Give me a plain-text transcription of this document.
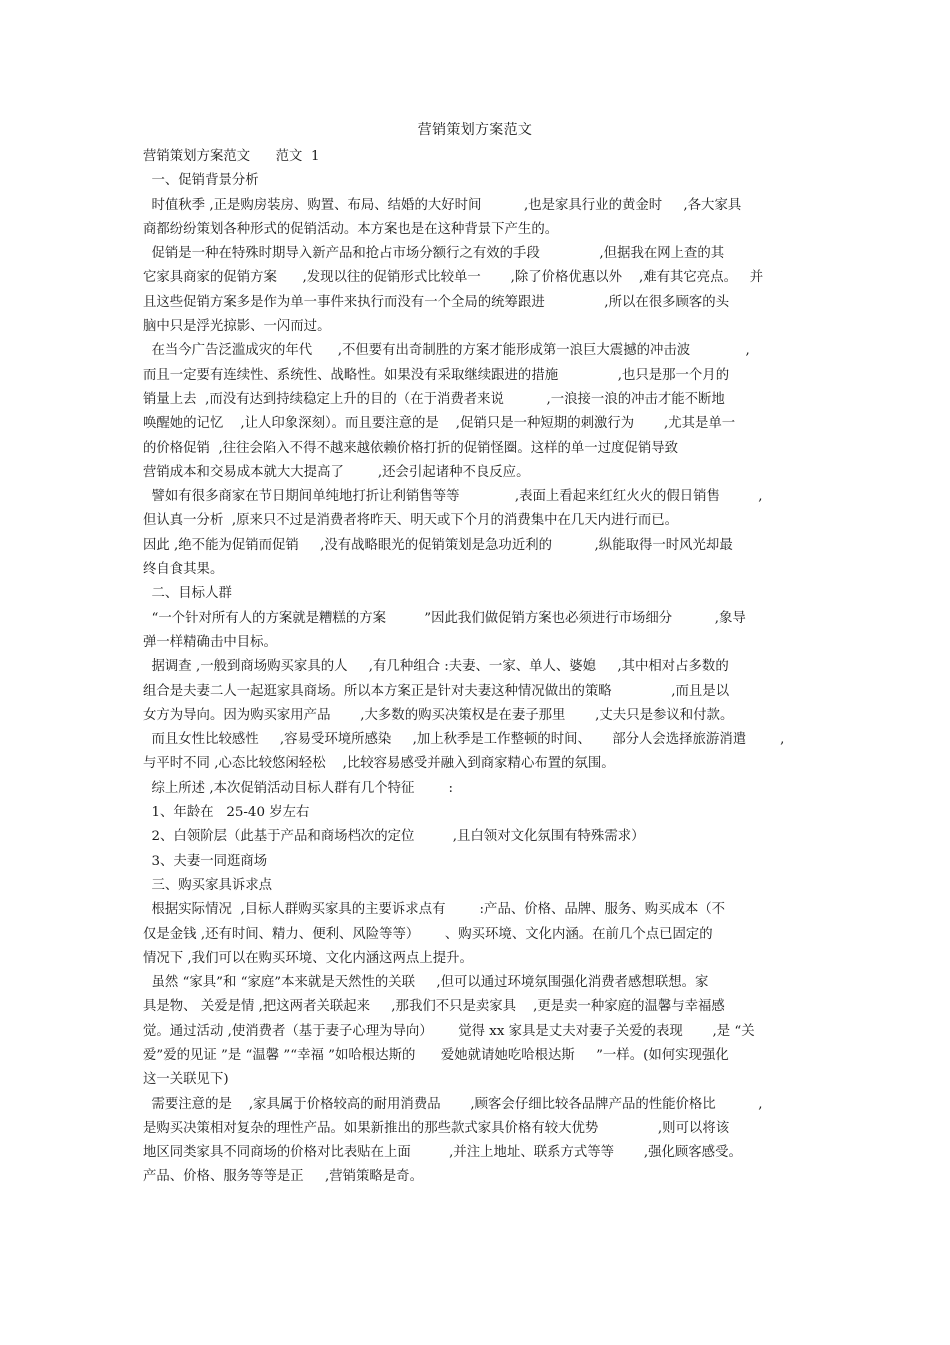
营销策划方案范文
营销策划方案范文      范文  1
一、促销背景分析
时值秋季 ,正是购房装房、购置、布局、结婚的大好时间          ,也是家具行业的黄金时     ,各大家具
商都纷纷策划各种形式的促销活动。本方案也是在这种背景下产生的。
促销是一种在特殊时期导入新产品和抢占市场分额行之有效的手段              ,但据我在网上查的其
它家具商家的促销方案      ,发现以往的促销形式比较单一       ,除了价格优惠以外    ,难有其它亮点。   并
且这些促销方案多是作为单一事件来执行而没有一个全局的统筹跟进              ,所以在很多顾客的头
脑中只是浮光掠影、一闪而过。
在当今广告泛滥成灾的年代      ,不但要有出奇制胜的方案才能形成第一浪巨大震撼的冲击波             ,
而且一定要有连续性、系统性、战略性。如果没有采取继续跟进的措施              ,也只是那一个月的
销量上去  ,而没有达到持续稳定上升的目的（在于消费者来说          ,一浪接一浪的冲击才能不断地
唤醒她的记忆    ,让人印象深刻）。而且要注意的是    ,促销只是一种短期的刺激行为       ,尤其是单一
的价格促销  ,往往会陷入不得不越来越依赖价格打折的促销怪圈。这样的单一过度促销导致
营销成本和交易成本就大大提高了        ,还会引起诸种不良反应。
譬如有很多商家在节日期间单纯地打折让利销售等等             ,表面上看起来红红火火的假日销售         ,
但认真一分析  ,原来只不过是消费者将昨天、明天或下个月的消费集中在几天内进行而已。
因此 ,绝不能为促销而促销     ,没有战略眼光的促销策划是急功近利的          ,纵能取得一时风光却最
终自食其果。
二、目标人群
“一个针对所有人的方案就是糟糕的方案         ”因此我们做促销方案也必须进行市场细分          ,象导
弹一样精确击中目标。
据调查 ,一般到商场购买家具的人     ,有几种组合 :夫妻、一家、单人、婆媳     ,其中相对占多数的
组合是夫妻二人一起逛家具商场。所以本方案正是针对夫妻这种情况做出的策略              ,而且是以
女方为导向。因为购买家用产品       ,大多数的购买决策权是在妻子那里       ,丈夫只是参议和付款。
而且女性比较感性     ,容易受环境所感染     ,加上秋季是工作整顿的时间、     部分人会选择旅游消遣        ,
与平时不同 ,心态比较悠闲轻松    ,比较容易感受并融入到商家精心布置的氛围。
综上所述 ,本次促销活动目标人群有几个特征        :
1、年龄在   25-40 岁左右
2、白领阶层（此基于产品和商场档次的定位         ,且白领对文化氛围有特殊需求）
3、夫妻一同逛商场
三、购买家具诉求点
根据实际情况  ,目标人群购买家具的主要诉求点有        :产品、价格、品牌、服务、购买成本（不
仅是金钱 ,还有时间、精力、便利、风险等等）      、购买环境、文化内涵。在前几个点已固定的
情况下 ,我们可以在购买环境、文化内涵这两点上提升。
虽然 “家具”和 “家庭”本来就是天然性的关联     ,但可以通过环境氛围强化消费者感想联想。家
具是物、 关爱是情 ,把这两者关联起来     ,那我们不只是卖家具    ,更是卖一种家庭的温馨与幸福感
觉。通过活动 ,使消费者（基于妻子心理为导向）      觉得 xx 家具是丈夫对妻子关爱的表现       ,是 “关
爱”爱的见证 ”是 “温馨 ”“幸福 ”如哈根达斯的      爱她就请她吃哈根达斯     ”一样。(如何实现强化
这一关联见下)
需要注意的是    ,家具属于价格较高的耐用消费品       ,顾客会仔细比较各品牌产品的性能价格比          ,
是购买决策相对复杂的理性产品。如果新推出的那些款式家具价格有较大优势              ,则可以将该
地区同类家具不同商场的价格对比表贴在上面         ,并注上地址、联系方式等等       ,强化顾客感受。
产品、价格、服务等等是正     ,营销策略是奇。
